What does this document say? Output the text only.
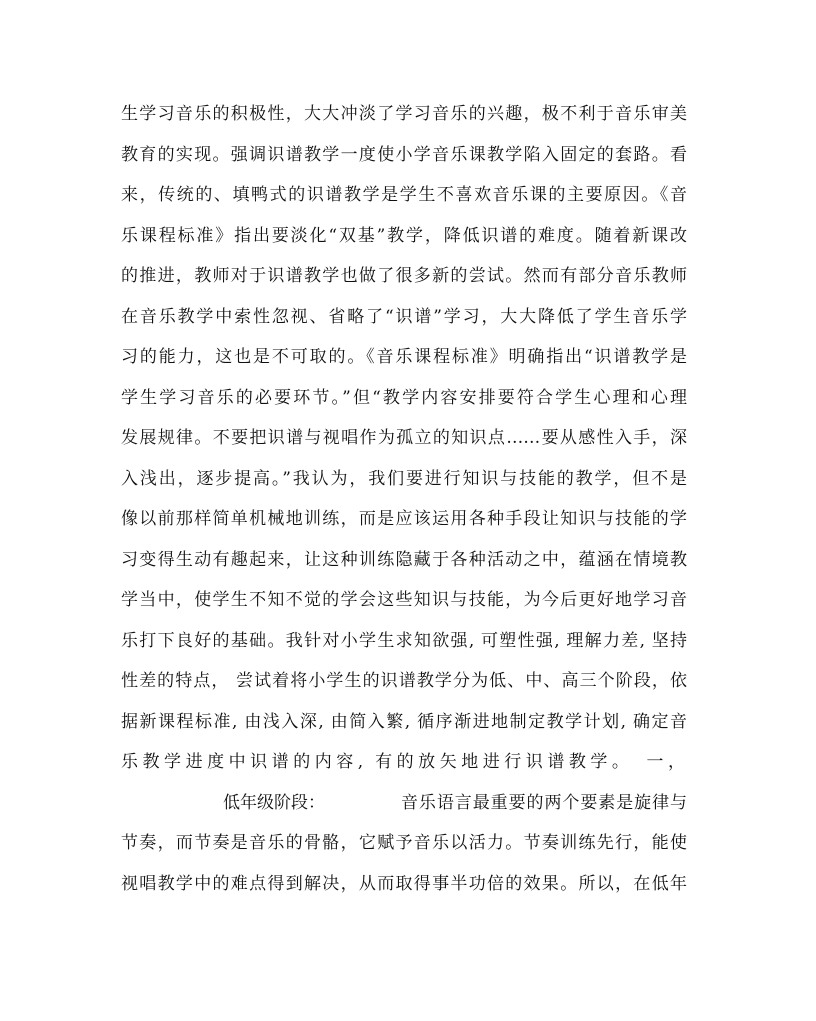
生学习音乐的积极性，大大冲淡了学习音乐的兴趣，极不利于音乐审美
教育的实现。强调识谱教学一度使小学音乐课教学陷入固定的套路。看
来，传统的、填鸭式的识谱教学是学生不喜欢音乐课的主要原因。《音
乐课程标准》指出要淡化“双基”教学，降低识谱的难度。随着新课改
的推进，教师对于识谱教学也做了很多新的尝试。然而有部分音乐教师
在音乐教学中索性忽视、省略了“识谱”学习，大大降低了学生音乐学
习的能力，这也是不可取的。《音乐课程标准》明确指出“识谱教学是
学生学习音乐的必要环节。”但“教学内容安排要符合学生心理和心理
发展规律。不要把识谱与视唱作为孤立的知识点……要从感性入手，深
入浅出，逐步提高。”我认为，我们要进行知识与技能的教学，但不是
像以前那样简单机械地训练，而是应该运用各种手段让知识与技能的学
习变得生动有趣起来，让这种训练隐藏于各种活动之中，蕴涵在情境教
学当中，使学生不知不觉的学会这些知识与技能，为今后更好地学习音
乐打下良好的基础。我针对小学生求知欲强, 可塑性强, 理解力差, 坚持
性差的特点， 尝试着将小学生的识谱教学分为低、中、高三个阶段，依
据新课程标准, 由浅入深, 由简入繁, 循序渐进地制定教学计划, 确定音
乐教学进度中识谱的内容, 有的放矢地进行识谱教学。　一，
低年级阶段：	音乐语言最重要的两个要素是旋律与
节奏，而节奏是音乐的骨骼，它赋予音乐以活力。节奏训练先行，能使
视唱教学中的难点得到解决，从而取得事半功倍的效果。所以，在低年
